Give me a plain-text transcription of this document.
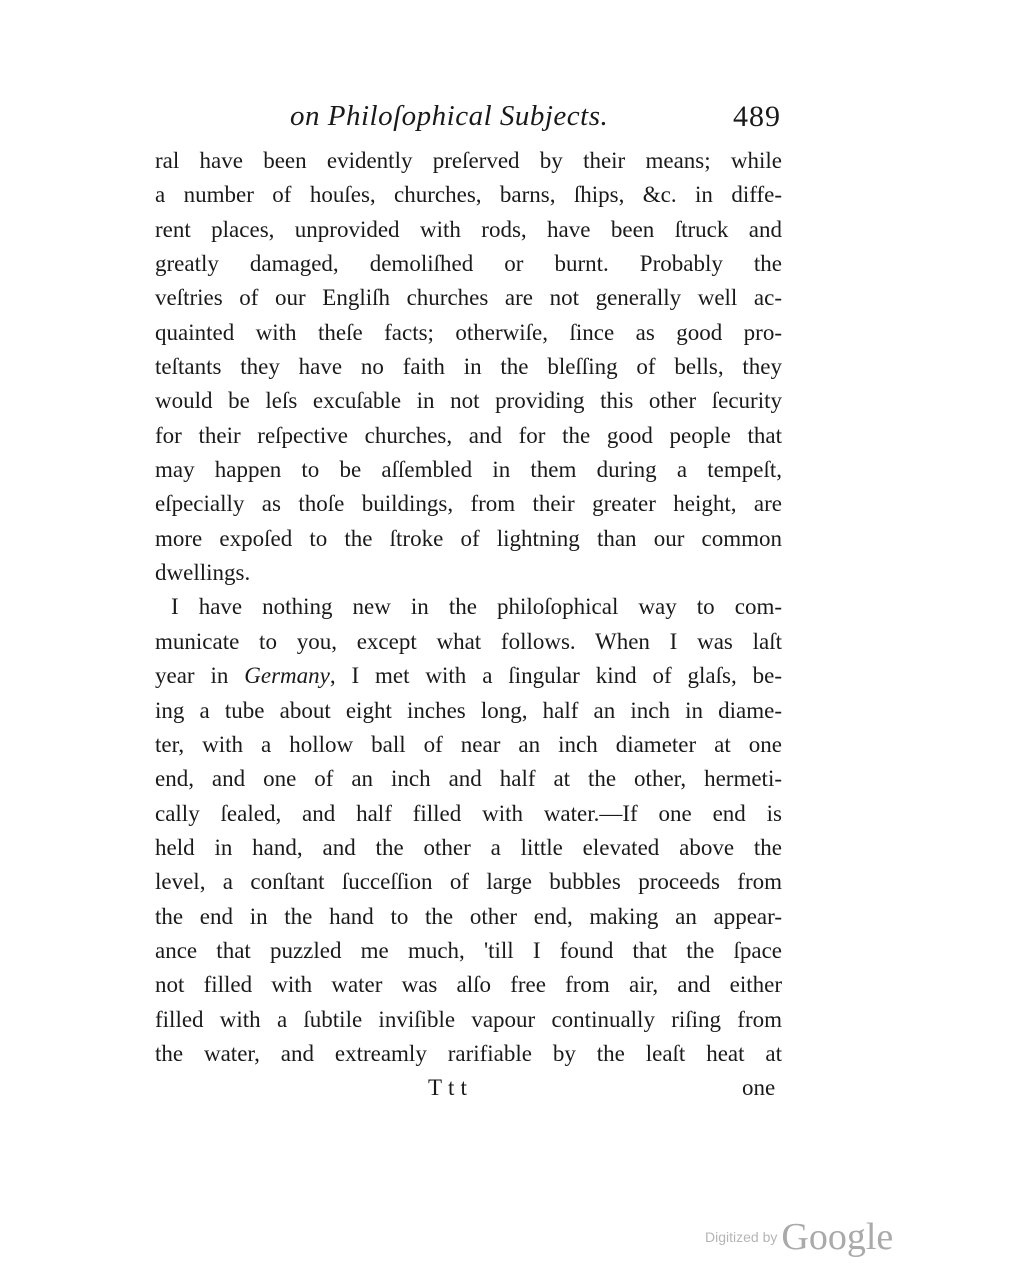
on Philoſophical Subjects.	489
ral have been evidently preſerved by their means; while
a number of houſes, churches, barns, ſhips, &c. in diffe-
rent places, unprovided with rods, have been ſtruck and
greatly damaged, demoliſhed or burnt. Probably the
veſtries of our Engliſh churches are not generally well ac-
quainted with theſe facts; otherwiſe, ſince as good pro-
teſtants they have no faith in the bleſſing of bells, they
would be leſs excuſable in not providing this other ſecurity
for their reſpective churches, and for the good people that
may happen to be aſſembled in them during a tempeſt,
eſpecially as thoſe buildings, from their greater height, are
more expoſed to the ſtroke of lightning than our common
dwellings.
I have nothing new in the philoſophical way to com-
municate to you, except what follows. When I was laſt
year in Germany, I met with a ſingular kind of glaſs, be-
ing a tube about eight inches long, half an inch in diame-
ter, with a hollow ball of near an inch diameter at one
end, and one of an inch and half at the other, hermeti-
cally ſealed, and half filled with water.—If one end is
held in hand, and the other a little elevated above the
level, a conſtant ſucceſſion of large bubbles proceeds from
the end in the hand to the other end, making an appear-
ance that puzzled me much, 'till I found that the ſpace
not filled with water was alſo free from air, and either
filled with a ſubtile inviſible vapour continually riſing from
the water, and extreamly rarifiable by the leaſt heat at
Ttt	one
Digitized by Google
